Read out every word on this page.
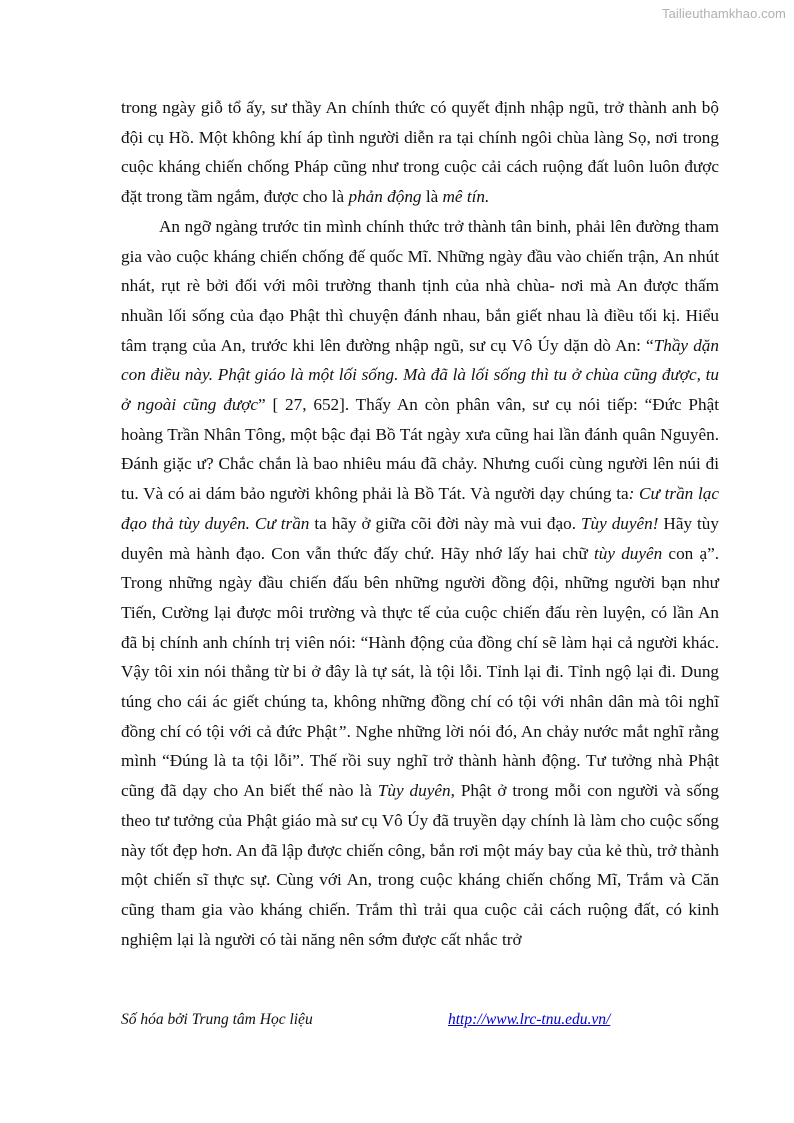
Tailieuthamkhao.com

trong ngày giỗ tổ ấy, sư thầy An chính thức có quyết định nhập ngũ, trở thành anh bộ đội cụ Hồ. Một không khí áp tình người diễn ra tại chính ngôi chùa làng Sọ, nơi trong cuộc kháng chiến chống Pháp cũng như trong cuộc cải cách ruộng đất luôn luôn được đặt trong tầm ngắm, được cho là phản động là mê tín.

An ngỡ ngàng trước tin mình chính thức trở thành tân binh, phải lên đường tham gia vào cuộc kháng chiến chống đế quốc Mĩ. Những ngày đầu vào chiến trận, An nhút nhát, rụt rè bởi đối với môi trường thanh tịnh của nhà chùa- nơi mà An được thấm nhuần lối sống của đạo Phật thì chuyện đánh nhau, bắn giết nhau là điều tối kị. Hiểu tâm trạng của An, trước khi lên đường nhập ngũ, sư cụ Vô Úy dặn dò An: “Thầy dặn con điều này. Phật giáo là một lối sống. Mà đã là lối sống thì tu ở chùa cũng được, tu ở ngoài cũng được” [ 27, 652]. Thấy An còn phân vân, sư cụ nói tiếp: “Đức Phật hoàng Trần Nhân Tông, một bậc đại Bồ Tát ngày xưa cũng hai lần đánh quân Nguyên. Đánh giặc ư? Chắc chắn là bao nhiêu máu đã chảy. Nhưng cuối cùng người lên núi đi tu. Và có ai dám bảo người không phải là Bồ Tát. Và người dạy chúng ta: Cư trần lạc đạo thả tùy duyên. Cư trần ta hãy ở giữa cõi đời này mà vui đạo. Tùy duyên! Hãy tùy duyên mà hành đạo. Con vẫn thức đấy chứ. Hãy nhớ lấy hai chữ tùy duyên con ạ”. Trong những ngày đầu chiến đấu bên những người đồng đội, những người bạn như Tiến, Cường lại được môi trường và thực tế của cuộc chiến đấu rèn luyện, có lần An đã bị chính anh chính trị viên nói: “Hành động của đồng chí sẽ làm hại cả người khác. Vậy tôi xin nói thẳng từ bi ở đây là tự sát, là tội lỗi. Tỉnh lại đi. Tỉnh ngộ lại đi. Dung túng cho cái ác giết chúng ta, không những đồng chí có tội với nhân dân mà tôi nghĩ đồng chí có tội với cả đức Phật”. Nghe những lời nói đó, An chảy nước mắt nghĩ rằng mình “Đúng là ta tội lỗi”. Thế rồi suy nghĩ trở thành hành động. Tư tưởng nhà Phật cũng đã dạy cho An biết thế nào là Tùy duyên, Phật ở trong mỗi con người và sống theo tư tưởng của Phật giáo mà sư cụ Vô Úy đã truyền dạy chính là làm cho cuộc sống này tốt đẹp hơn. An đã lập được chiến công, bắn rơi một máy bay của kẻ thù, trở thành một chiến sĩ thực sự. Cùng với An, trong cuộc kháng chiến chống Mĩ, Trắm và Căn cũng tham gia vào kháng chiến. Trắm thì trải qua cuộc cải cách ruộng đất, có kinh nghiệm lại là người có tài năng nên sớm được cất nhắc trở

Số hóa bởi Trung tâm Học liệu	http://www.lrc-tnu.edu.vn/
